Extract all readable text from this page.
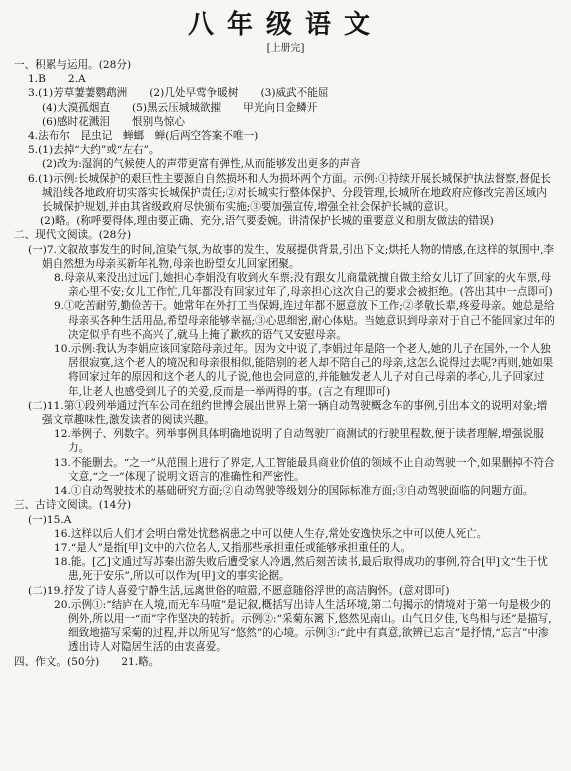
八年级语文
[上册完]
一、积累与运用。(28分)
1.B 2.A
3.(1)芳草萋萋鹦鹉洲 (2)几处早莺争暖树 (3)威武不能屈
(4)大漠孤烟直 (5)黑云压城城欲摧 甲光向日金鳞开
(6)感时花溅泪 恨别鸟惊心
4.法布尔　昆虫记　蝉螂　蝉(后两空答案不唯一)
5.(1)去掉“大约”或“左右”。
(2)改为:湿润的气候使人的声带更富有弹性,从而能够发出更多的声音
6.(1)示例:长城保护的艰巨性主要源自自然损坏和人为损坏两个方面。示例:①持续开展长城保护执法督察,督促长城沿线各地政府切实落实长城保护责任;②对长城实行整体保护、分段管理,长城所在地政府应修改完善区域内长城保护规划,并由其省级政府尽快颁布实施;③要加强宣传,增强全社会保护长城的意识。
(2)略。(称呼要得体,理由要正确、充分,语气要委婉。讲清保护长城的重要意义和朋友做法的错误)
二、现代文阅读。(28分)
(一)7.文叙故事发生的时间,渲染气氛,为故事的发生、发展提供背景,引出下文;烘托人物的情感,在这样的氛围中,李娟自然想为母亲买新年礼物,母亲也盼望女儿回家团聚。
8.母亲从来没出过远门,她担心李娟没有收到火车票;没有跟女儿商量就擅自做主给女儿订了回家的火车票,母亲心里不安;女儿工作忙,几年都没有回家过年了,母亲担心这次自己的要求会被拒绝。(答出其中一点即可)
9.①吃苦耐劳,勤俭苦干。她常年在外打工当保姆,连过年都不愿意放下工作;②孝敬长辈,疼爱母亲。她总是给母亲买各种生活用品,希望母亲能够幸福;③心思细密,耐心体贴。当她意识到母亲对于自己不能回家过年的决定似乎有些不高兴了,就马上掩了歉疚的语气又安慰母亲。
10.示例:我认为李娟应该回家陪母亲过年。因为文中说了,李娟过年是陪一个老人,她的儿子在国外,一个人独居很寂寞,这个老人的境况和母亲很相似,能陪别的老人却不陪自己的母亲,这怎么说得过去呢?再则,她如果将回家过年的原因和这个老人的儿子说,他也会同意的,并能触发老人儿子对自己母亲的孝心,儿子回家过年,让老人也感受到儿子的关爱,反而是一举两得的事。(言之有理即可)
(二)11.第①段列举通过汽车公司在纽约世博会展出世界上第一辆自动驾驶概念车的事例,引出本文的说明对象;增强文章趣味性,激发读者的阅读兴趣。
12.举例子、列数字。列举事例具体明确地说明了自动驾驶厂商测试的行驶里程数,便于读者理解,增强说服力。
13.不能删去。“之一”从范围上进行了界定,人工智能最具商业价值的领域不止自动驾驶一个,如果删掉不符合文意,“之一”体现了说明文语言的准确性和严密性。
14.①自动驾驶技术的基础研究方面;②自动驾驶等级划分的国际标准方面;③自动驾驶面临的问题方面。
三、古诗文阅读。(14分)
(一)15.A
16.这样以后人们才会明白常处忧愁祸患之中可以使人生存,常处安逸快乐之中可以使人死亡。
17.“是人”是指[甲]文中的六位名人,又指那些承担重任或能够承担重任的人。
18.能。[乙]文通过写苏秦出游失败后遭受家人冷遇,然后刻苦读书,最后取得成功的事例,符合[甲]文“生于忧患,死于安乐”,所以可以作为[甲]文的事实论据。
(二)19.抒发了诗人喜爱宁静生活,远离世俗的喧嚣,不愿意随俗浮世的高洁胸怀。(意对即可)
20.示例①:“结庐在人境,而无车马喧”是记叙,概括写出诗人生活环境,第二句揭示的情境对于第一句是极少的例外,所以用一“而”字作坚决的转折。示例②:“采菊东篱下,悠然见南山。山气日夕佳,飞鸟相与还”是描写,细致地描写采菊的过程,并以所见写“悠然”的心境。示例③:“此中有真意,欲辨已忘言”是抒情,“忘言”中渗透出诗人对隐居生活的由衷喜爱。
四、作文。(50分) 21.略。
